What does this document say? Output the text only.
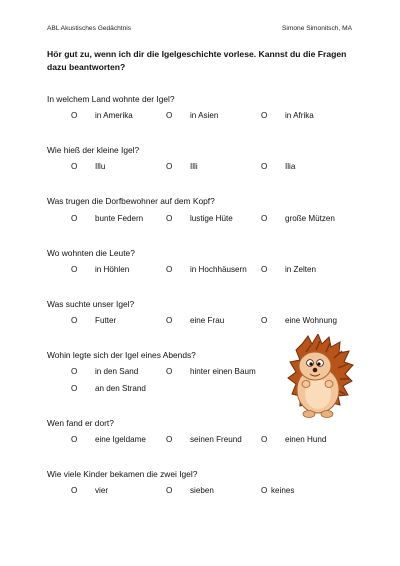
ABL Akustisches Gedächtnis	Simone Simonitsch, MA
Hör gut zu, wenn ich dir die Igelgeschichte vorlese. Kannst du die Fragen dazu beantworten?
In welchem Land wohnte der Igel?
O in Amerika	O in Asien	O in Afrika
Wie hieß der kleine Igel?
O Illu	O Illi	O Ilia
Was trugen die Dorfbewohner auf dem Kopf?
O bunte Federn	O lustige Hüte	O große Mützen
Wo wohnten die Leute?
O in Höhlen	O in Hochhäusern O in Zelten
Was suchte unser Igel?
O Futter	O eine Frau	O eine Wohnung
Wohin legte sich der Igel eines Abends?
O in den Sand	O hinter einen Baum
O an den Strand
Wen fand er dort?
O eine Igeldame O seinen Freund O einen Hund
Wie viele Kinder bekamen die zwei Igel?
O vier	O sieben	O keines
